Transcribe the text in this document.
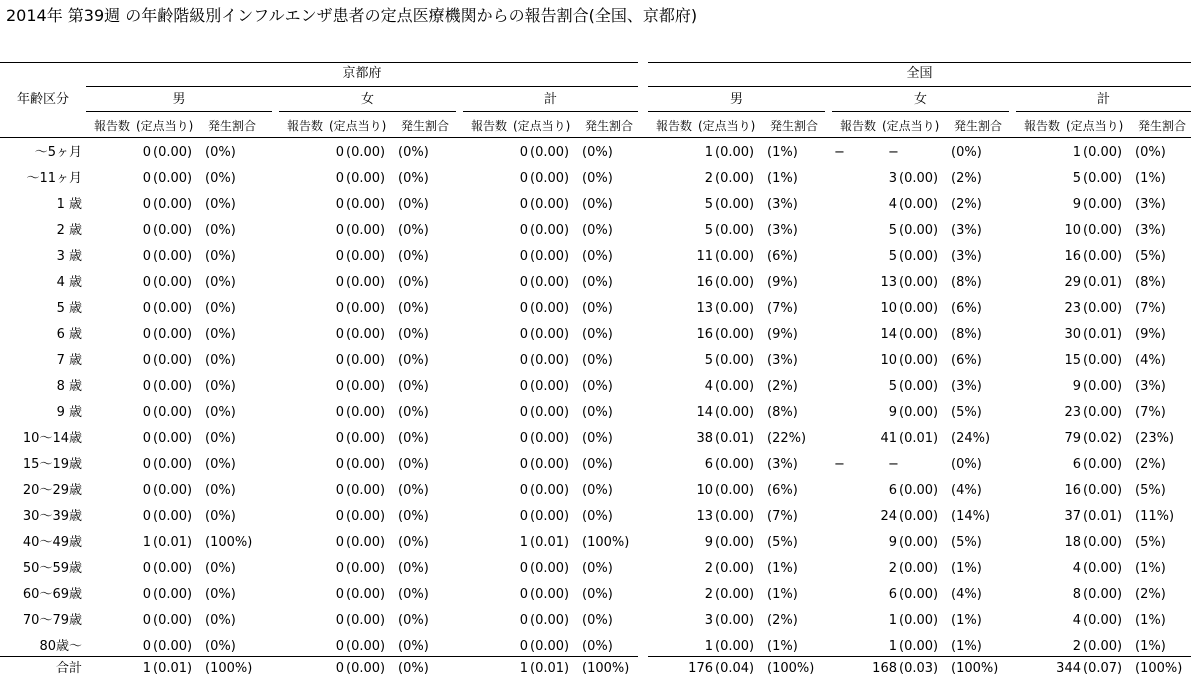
2014年 第39週 の年齢階級別インフルエンザ患者の定点医療機関からの報告割合(全国、京都府)
年齢区分
京都府	全国
男
報告数 (定点当り)	発生割合
女
報告数 (定点当り)	発生割合
計
報告数 (定点当り)	発生割合
男
報告数 (定点当り)	発生割合
女
報告数 (定点当り)	発生割合
計
報告数 (定点当り)	発生割合
〜5ヶ月	0 (0.00) (0%)	0 (0.00) (0%)	0 (0.00) (0%)	1 (0.00) (1%)	−	−	(0%)	1 (0.00) (0%)
〜11ヶ月	0 (0.00) (0%)	0 (0.00) (0%)	0 (0.00) (0%)	2 (0.00) (1%)	3 (0.00) (2%)	5 (0.00) (1%)
1 歳	0 (0.00) (0%)	0 (0.00) (0%)	0 (0.00) (0%)	5 (0.00) (3%)	4 (0.00) (2%)	9 (0.00) (3%)
2 歳	0 (0.00) (0%)	0 (0.00) (0%)	0 (0.00) (0%)	5 (0.00) (3%)	5 (0.00) (3%)	10 (0.00) (3%)
3 歳	0 (0.00) (0%)	0 (0.00) (0%)	0 (0.00) (0%)	11 (0.00) (6%)	5 (0.00) (3%)	16 (0.00) (5%)
4 歳	0 (0.00) (0%)	0 (0.00) (0%)	0 (0.00) (0%)	16 (0.00) (9%)	13 (0.00) (8%)	29 (0.01) (8%)
5 歳	0 (0.00) (0%)	0 (0.00) (0%)	0 (0.00) (0%)	13 (0.00) (7%)	10 (0.00) (6%)	23 (0.00) (7%)
6 歳	0 (0.00) (0%)	0 (0.00) (0%)	0 (0.00) (0%)	16 (0.00) (9%)	14 (0.00) (8%)	30 (0.01) (9%)
7 歳	0 (0.00) (0%)	0 (0.00) (0%)	0 (0.00) (0%)	5 (0.00) (3%)	10 (0.00) (6%)	15 (0.00) (4%)
8 歳	0 (0.00) (0%)	0 (0.00) (0%)	0 (0.00) (0%)	4 (0.00) (2%)	5 (0.00) (3%)	9 (0.00) (3%)
9 歳	0 (0.00) (0%)	0 (0.00) (0%)	0 (0.00) (0%)	14 (0.00) (8%)	9 (0.00) (5%)	23 (0.00) (7%)
10〜14歳	0 (0.00) (0%)	0 (0.00) (0%)	0 (0.00) (0%)	38 (0.01) (22%)	41 (0.01) (24%)	79 (0.02) (23%)
15〜19歳	0 (0.00) (0%)	0 (0.00) (0%)	0 (0.00) (0%)	6 (0.00) (3%)	−	−	(0%)	6 (0.00) (2%)
20〜29歳	0 (0.00) (0%)	0 (0.00) (0%)	0 (0.00) (0%)	10 (0.00) (6%)	6 (0.00) (4%)	16 (0.00) (5%)
30〜39歳	0 (0.00) (0%)	0 (0.00) (0%)	0 (0.00) (0%)	13 (0.00) (7%)	24 (0.00) (14%)	37 (0.01) (11%)
40〜49歳	1 (0.01) (100%)	0 (0.00) (0%)	1 (0.01) (100%)	9 (0.00) (5%)	9 (0.00) (5%)	18 (0.00) (5%)
50〜59歳	0 (0.00) (0%)	0 (0.00) (0%)	0 (0.00) (0%)	2 (0.00) (1%)	2 (0.00) (1%)	4 (0.00) (1%)
60〜69歳	0 (0.00) (0%)	0 (0.00) (0%)	0 (0.00) (0%)	2 (0.00) (1%)	6 (0.00) (4%)	8 (0.00) (2%)
70〜79歳	0 (0.00) (0%)	0 (0.00) (0%)	0 (0.00) (0%)	3 (0.00) (2%)	1 (0.00) (1%)	4 (0.00) (1%)
80歳〜	0 (0.00) (0%)	0 (0.00) (0%)	0 (0.00) (0%)	1 (0.00) (1%)	1 (0.00) (1%)	2 (0.00) (1%)
合計	1 (0.01) (100%)	0 (0.00) (0%)	1 (0.01) (100%)	176 (0.04) (100%)	168 (0.03) (100%)	344 (0.07) (100%)
